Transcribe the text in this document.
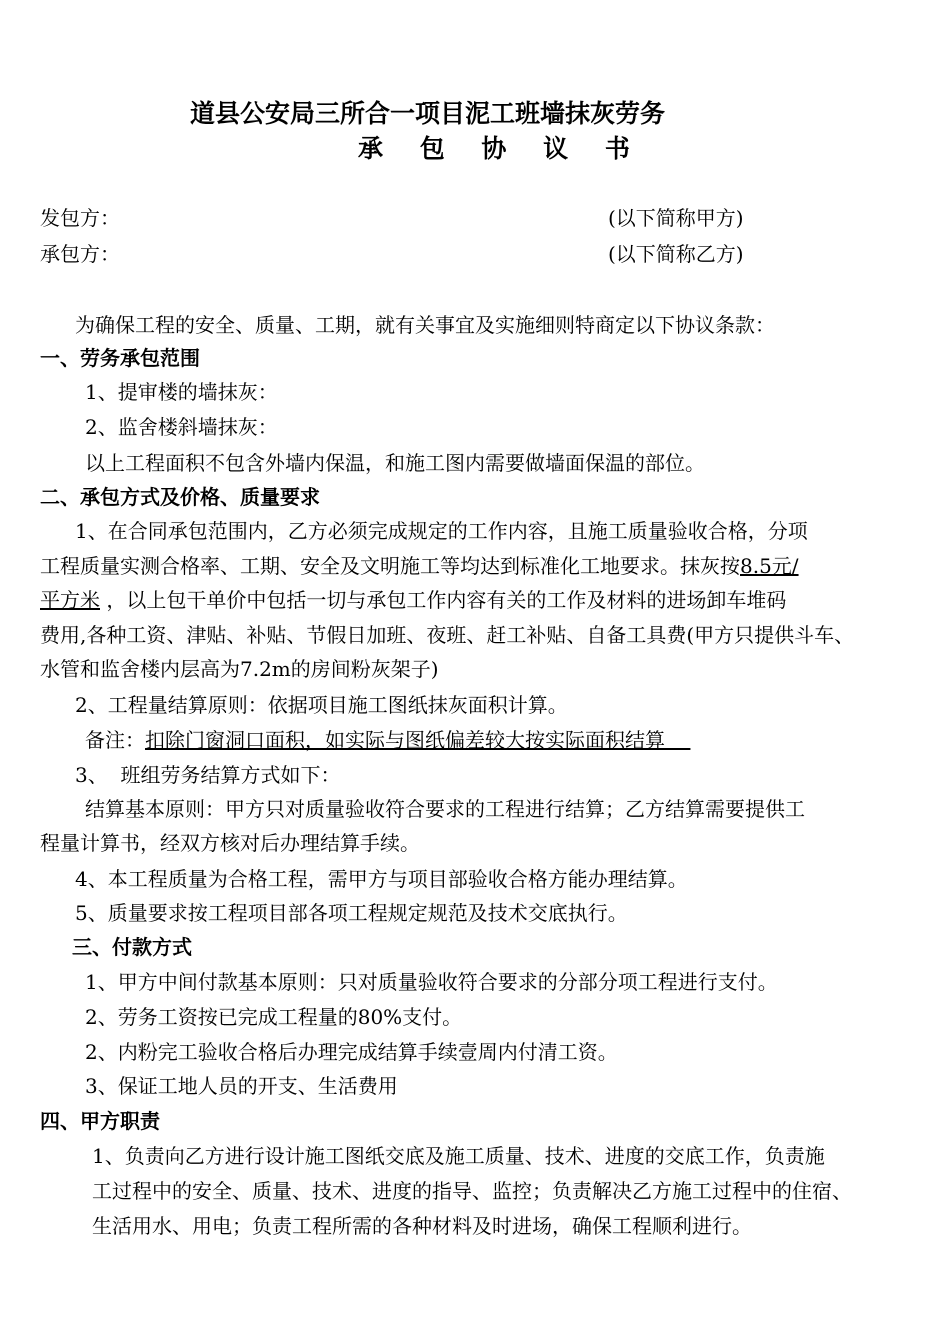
道县公安局三所合一项目泥工班墙抹灰劳务
承 包 协 议 书
发包方：	(以下简称甲方)
承包方：	(以下简称乙方)
为确保工程的安全、质量、工期，就有关事宜及实施细则特商定以下协议条款：
一、劳务承包范围
1、提审楼的墙抹灰：
2、监舍楼斜墙抹灰：
以上工程面积不包含外墙内保温，和施工图内需要做墙面保温的部位。
二、承包方式及价格、质量要求
1、在合同承包范围内，乙方必须完成规定的工作内容，且施工质量验收合格，分项
工程质量实测合格率、工期、安全及文明施工等均达到标准化工地要求。抹灰按8.5元/
平方米 ，以上包干单价中包括一切与承包工作内容有关的工作及材料的进场卸车堆码
费用,各种工资、津贴、补贴、节假日加班、夜班、赶工补贴、自备工具费(甲方只提供斗车、
水管和监舍楼内层高为7.2m的房间粉灰架子)
2、工程量结算原则：依据项目施工图纸抹灰面积计算。
备注：扣除门窗洞口面积，如实际与图纸偏差较大按实际面积结算
3、  班组劳务结算方式如下：
结算基本原则：甲方只对质量验收符合要求的工程进行结算；乙方结算需要提供工
程量计算书，经双方核对后办理结算手续。
4、本工程质量为合格工程，需甲方与项目部验收合格方能办理结算。
5、质量要求按工程项目部各项工程规定规范及技术交底执行。
三、付款方式
1、甲方中间付款基本原则：只对质量验收符合要求的分部分项工程进行支付。
2、劳务工资按已完成工程量的80%支付。
2、内粉完工验收合格后办理完成结算手续壹周内付清工资。
3、保证工地人员的开支、生活费用
四、甲方职责
1、负责向乙方进行设计施工图纸交底及施工质量、技术、进度的交底工作，负责施
工过程中的安全、质量、技术、进度的指导、监控；负责解决乙方施工过程中的住宿、
生活用水、用电；负责工程所需的各种材料及时进场，确保工程顺利进行。
